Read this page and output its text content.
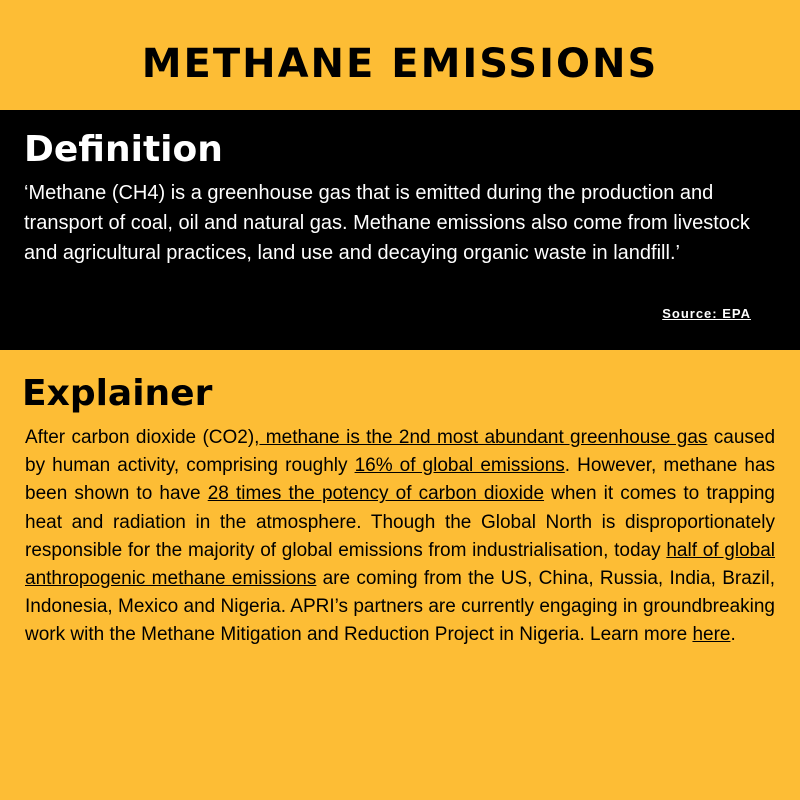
METHANE EMISSIONS
Definition
‘Methane (CH4) is a greenhouse gas that is emitted during the production and transport of coal, oil and natural gas. Methane emissions also come from livestock and agricultural practices, land use and decaying organic waste in landfill.’
Source: EPA
Explainer
After carbon dioxide (CO2), methane is the 2nd most abundant greenhouse gas caused by human activity, comprising roughly 16% of global emissions. However, methane has been shown to have 28 times the potency of carbon dioxide when it comes to trapping heat and radiation in the atmosphere. Though the Global North is disproportionately responsible for the majority of global emissions from industrialisation, today half of global anthropogenic methane emissions are coming from the US, China, Russia, India, Brazil, Indonesia, Mexico and Nigeria. APRI’s partners are currently engaging in groundbreaking work with the Methane Mitigation and Reduction Project in Nigeria. Learn more here.
